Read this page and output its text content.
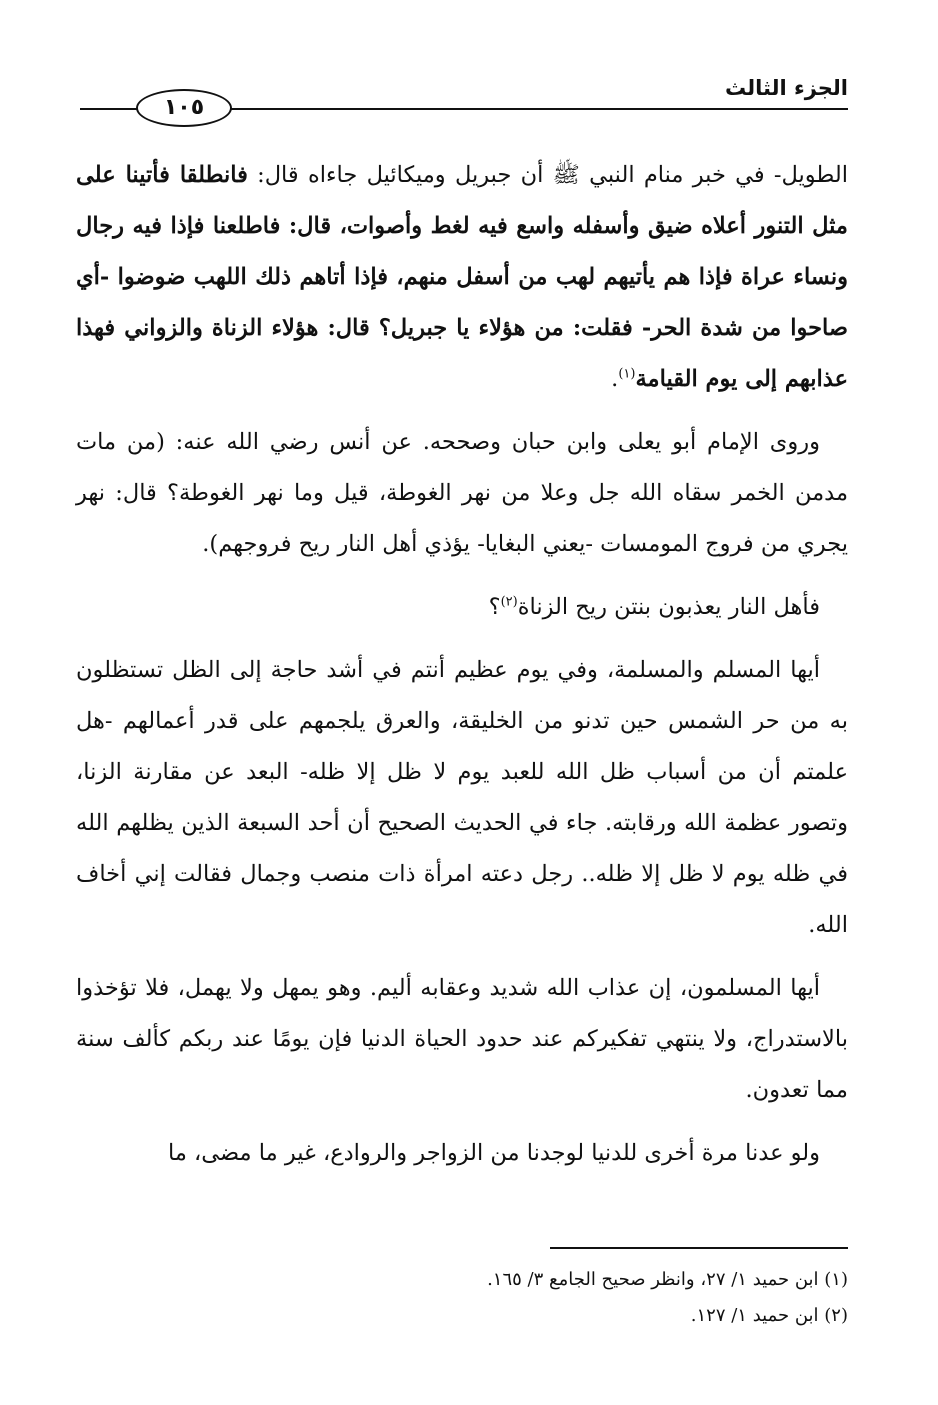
١٠٥
الجزء الثالث

الطويل- في خبر منام النبي ﷺ أن جبريل وميكائيل جاءاه قال: فانطلقا فأتينا على مثل التنور أعلاه ضيق وأسفله واسع فيه لغط وأصوات، قال: فاطلعنا فإذا فيه رجال ونساء عراة فإذا هم يأتيهم لهب من أسفل منهم، فإذا أتاهم ذلك اللهب ضوضوا -أي صاحوا من شدة الحر- فقلت: من هؤلاء يا جبريل؟ قال: هؤلاء الزناة والزواني فهذا عذابهم إلى يوم القيامة$^{(١)}$.

وروى الإمام أبو يعلى وابن حبان وصححه. عن أنس رضي الله عنه: (من مات مدمن الخمر سقاه الله جل وعلا من نهر الغوطة، قيل وما نهر الغوطة؟ قال: نهر يجري من فروج المومسات -يعني البغايا- يؤذي أهل النار ريح فروجهم).

فأهل النار يعذبون بنتن ريح الزناة$^{(٢)}$؟

أيها المسلم والمسلمة، وفي يوم عظيم أنتم في أشد حاجة إلى الظل تستظلون به من حر الشمس حين تدنو من الخليقة، والعرق يلجمهم على قدر أعمالهم -هل علمتم أن من أسباب ظل الله للعبد يوم لا ظل إلا ظله- البعد عن مقارنة الزنا، وتصور عظمة الله ورقابته. جاء في الحديث الصحيح أن أحد السبعة الذين يظلهم الله في ظله يوم لا ظل إلا ظله.. رجل دعته امرأة ذات منصب وجمال فقالت إني أخاف الله.

أيها المسلمون، إن عذاب الله شديد وعقابه أليم. وهو يمهل ولا يهمل، فلا تؤخذوا بالاستدراج، ولا ينتهي تفكيركم عند حدود الحياة الدنيا فإن يومًا عند ربكم كألف سنة مما تعدون.

ولو عدنا مرة أخرى للدنيا لوجدنا من الزواجر والروادع، غير ما مضى، ما

(١) ابن حميد ١/ ٢٧، وانظر صحيح الجامع ٣/ ١٦٥.

(٢) ابن حميد ١/ ١٢٧.
